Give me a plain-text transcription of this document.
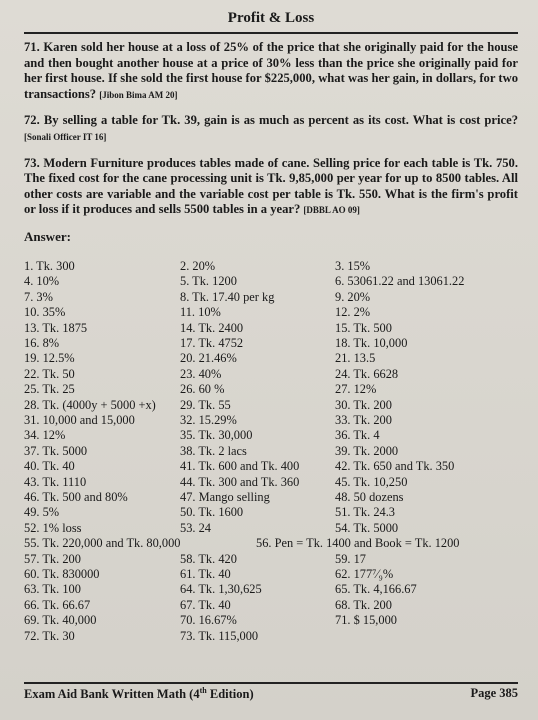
Profit & Loss

71. Karen sold her house at a loss of 25% of the price that she originally paid for the house and then bought another house at a price of 30% less than the price she originally paid for her first house. If she sold the first house for $225,000, what was her gain, in dollars, for two transactions? [Jibon Bima AM 20]

72. By selling a table for Tk. 39, gain is as much as percent as its cost. What is cost price? [Sonali Officer IT 16]

73. Modern Furniture produces tables made of cane. Selling price for each table is Tk. 750. The fixed cost for the cane processing unit is Tk. 9,85,000 per year for up to 8500 tables. All other costs are variable and the variable cost per table is Tk. 550. What is the firm's profit or loss if it produces and sells 5500 tables in a year? [DBBL AO 09]

Answer:
1. Tk. 300	2. 20%	3. 15%
4. 10%	5. Tk. 1200	6. 53061.22 and 13061.22
7. 3%	8. Tk. 17.40 per kg	9. 20%
10. 35%	11. 10%	12. 2%
13. Tk. 1875	14. Tk. 2400	15. Tk. 500
16. 8%	17. Tk. 4752	18. Tk. 10,000
19. 12.5%	20. 21.46%	21. 13.5
22. Tk. 50	23. 40%	24. Tk. 6628
25. Tk. 25	26. 60 %	27. 12%
28. Tk. (4000y + 5000 +x)	29. Tk. 55	30. Tk. 200
31. 10,000 and 15,000	32. 15.29%	33. Tk. 200
34. 12%	35. Tk. 30,000	36. Tk. 4
37. Tk. 5000	38. Tk. 2 lacs	39. Tk. 2000
40. Tk. 40	41. Tk. 600 and Tk. 400	42. Tk. 650 and Tk. 350
43. Tk. 1110	44. Tk. 300 and Tk. 360	45. Tk. 10,250
46. Tk. 500 and 80%	47. Mango selling	48. 50 dozens
49. 5%	50. Tk. 1600	51. Tk. 24.3
52. 1% loss	53. 24	54. Tk. 5000
55. Tk. 220,000 and Tk. 80,000	56. Pen = Tk. 1400 and Book = Tk. 1200
57. Tk. 200	58. Tk. 420	59. 17
60. Tk. 830000	61. Tk. 40	62. 177⁷⁄₉%
63. Tk. 100	64. Tk. 1,30,625	65. Tk. 4,166.67
66. Tk. 66.67	67. Tk. 40	68. Tk. 200
69. Tk. 40,000	70. 16.67%	71. $ 15,000
72. Tk. 30	73. Tk. 115,000
Exam Aid Bank Written Math (4th Edition)	Page 385
